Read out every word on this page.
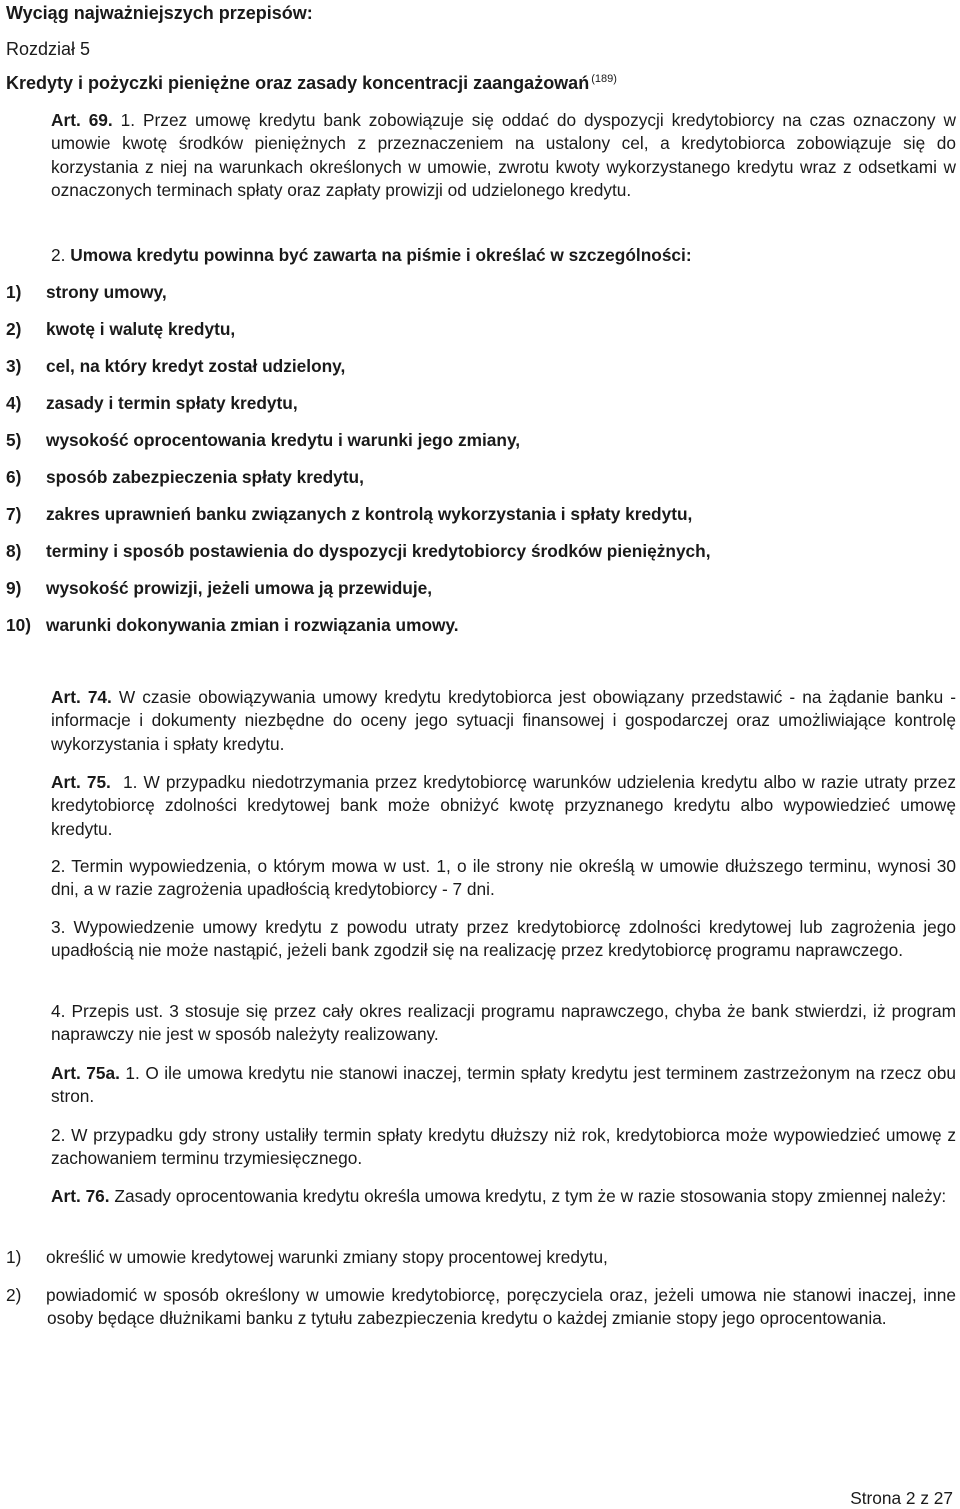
Wyciąg najważniejszych przepisów:

Rozdział 5

Kredyty i pożyczki pieniężne oraz zasady koncentracji zaangażowań $^{(189)}$

Art. 69. 1. Przez umowę kredytu bank zobowiązuje się oddać do dyspozycji kredytobiorcy na czas oznaczony w umowie kwotę środków pieniężnych z przeznaczeniem na ustalony cel, a kredytobiorca zobowiązuje się do korzystania z niej na warunkach określonych w umowie, zwrotu kwoty wykorzystanego kredytu wraz z odsetkami w oznaczonych terminach spłaty oraz zapłaty prowizji od udzielonego kredytu.

2. Umowa kredytu powinna być zawarta na piśmie i określać w szczególności:

1) strony umowy,

2) kwotę i walutę kredytu,

3) cel, na który kredyt został udzielony,

4) zasady i termin spłaty kredytu,

5) wysokość oprocentowania kredytu i warunki jego zmiany,

6) sposób zabezpieczenia spłaty kredytu,

7) zakres uprawnień banku związanych z kontrolą wykorzystania i spłaty kredytu,

8) terminy i sposób postawienia do dyspozycji kredytobiorcy środków pieniężnych,

9) wysokość prowizji, jeżeli umowa ją przewiduje,

10) warunki dokonywania zmian i rozwiązania umowy.

Art. 74. W czasie obowiązywania umowy kredytu kredytobiorca jest obowiązany przedstawić - na żądanie banku - informacje i dokumenty niezbędne do oceny jego sytuacji finansowej i gospodarczej oraz umożliwiające kontrolę wykorzystania i spłaty kredytu.

Art. 75. 1. W przypadku niedotrzymania przez kredytobiorcę warunków udzielenia kredytu albo w razie utraty przez kredytobiorcę zdolności kredytowej bank może obniżyć kwotę przyznanego kredytu albo wypowiedzieć umowę kredytu.

2. Termin wypowiedzenia, o którym mowa w ust. 1, o ile strony nie określą w umowie dłuższego terminu, wynosi 30 dni, a w razie zagrożenia upadłością kredytobiorcy - 7 dni.

3. Wypowiedzenie umowy kredytu z powodu utraty przez kredytobiorcę zdolności kredytowej lub zagrożenia jego upadłością nie może nastąpić, jeżeli bank zgodził się na realizację przez kredytobiorcę programu naprawczego.

4. Przepis ust. 3 stosuje się przez cały okres realizacji programu naprawczego, chyba że bank stwierdzi, iż program naprawczy nie jest w sposób należyty realizowany.

Art. 75a. 1. O ile umowa kredytu nie stanowi inaczej, termin spłaty kredytu jest terminem zastrzeżonym na rzecz obu stron.

2. W przypadku gdy strony ustaliły termin spłaty kredytu dłuższy niż rok, kredytobiorca może wypowiedzieć umowę z zachowaniem terminu trzymiesięcznego.

Art. 76. Zasady oprocentowania kredytu określa umowa kredytu, z tym że w razie stosowania stopy zmiennej należy:

1) określić w umowie kredytowej warunki zmiany stopy procentowej kredytu,

2) powiadomić w sposób określony w umowie kredytobiorcę, poręczyciela oraz, jeżeli umowa nie stanowi inaczej, inne osoby będące dłużnikami banku z tytułu zabezpieczenia kredytu o każdej zmianie stopy jego oprocentowania.

Strona 2 z 27
